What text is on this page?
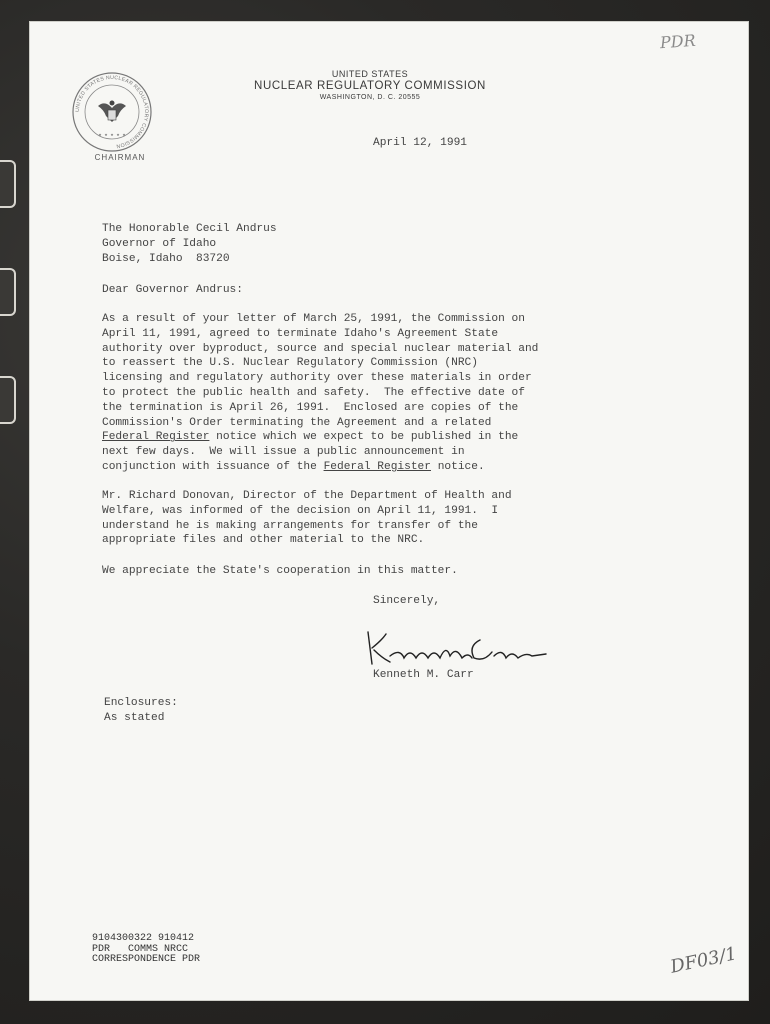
UNITED STATES NUCLEAR REGULATORY COMMISSION
★ ★ ★ ★ ★
CHAIRMAN
UNITED STATES
NUCLEAR REGULATORY COMMISSION
WASHINGTON, D. C. 20555
PDR
April 12, 1991
The Honorable Cecil Andrus
Governor of Idaho
Boise, Idaho  83720
Dear Governor Andrus:
As a result of your letter of March 25, 1991, the Commission on
April 11, 1991, agreed to terminate Idaho's Agreement State
authority over byproduct, source and special nuclear material and
to reassert the U.S. Nuclear Regulatory Commission (NRC)
licensing and regulatory authority over these materials in order
to protect the public health and safety.  The effective date of
the termination is April 26, 1991.  Enclosed are copies of the
Commission's Order terminating the Agreement and a related
Federal Register notice which we expect to be published in the
next few days.  We will issue a public announcement in
conjunction with issuance of the Federal Register notice.
Mr. Richard Donovan, Director of the Department of Health and
Welfare, was informed of the decision on April 11, 1991.  I
understand he is making arrangements for transfer of the
appropriate files and other material to the NRC.
We appreciate the State's cooperation in this matter.
Sincerely,
Kenneth M. Carr
Enclosures:
As stated
9104300322 910412
PDR   COMMS NRCC
CORRESPONDENCE PDR	DF03/1
